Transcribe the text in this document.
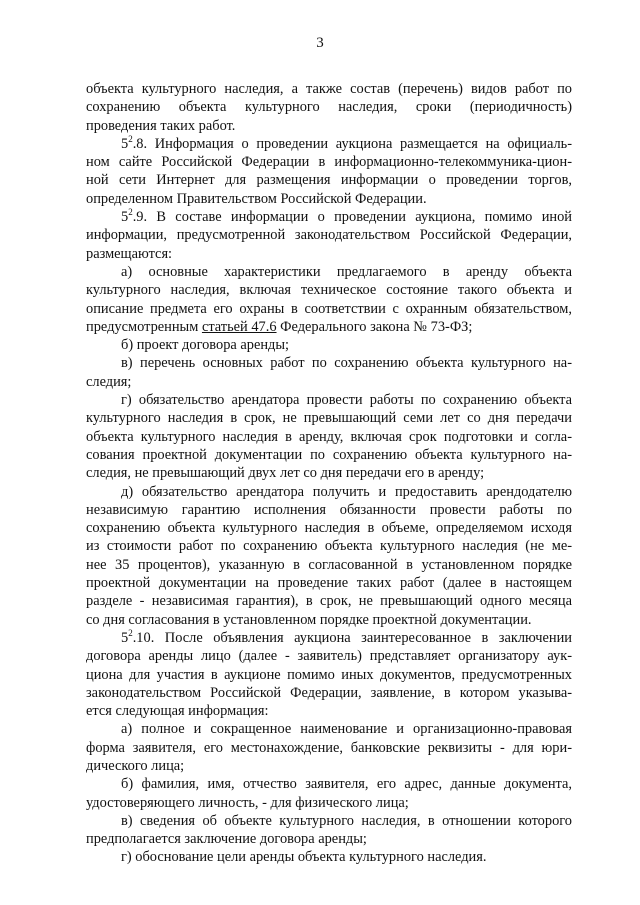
3
объекта культурного наследия, а также состав (перечень) видов работ по
сохранению объекта культурного наследия, сроки (периодичность)
проведения таких работ.
$5^2.8$. Информация о проведении аукциона размещается на официаль-
ном сайте Российской Федерации в информационно-телекоммуника-цион-
ной сети Интернет для размещения информации о проведении торгов,
определенном Правительством Российской Федерации.
$5^2.9$. В составе информации о проведении аукциона, помимо иной
информации, предусмотренной законодательством Российской Федерации,
размещаются:
а) основные характеристики предлагаемого в аренду объекта
культурного наследия, включая техническое состояние такого объекта и
описание предмета его охраны в соответствии с охранным обязательством,
предусмотренным статьей 47.6 Федерального закона № 73-ФЗ;
б) проект договора аренды;
в) перечень основных работ по сохранению объекта культурного на-
следия;
г) обязательство арендатора провести работы по сохранению объекта
культурного наследия в срок, не превышающий семи лет со дня передачи
объекта культурного наследия в аренду, включая срок подготовки и согла-
сования проектной документации по сохранению объекта культурного на-
следия, не превышающий двух лет со дня передачи его в аренду;
д) обязательство арендатора получить и предоставить арендодателю
независимую гарантию исполнения обязанности провести работы по
сохранению объекта культурного наследия в объеме, определяемом исходя
из стоимости работ по сохранению объекта культурного наследия (не ме-
нее 35 процентов), указанную в согласованной в установленном порядке
проектной документации на проведение таких работ (далее в настоящем
разделе - независимая гарантия), в срок, не превышающий одного месяца
со дня согласования в установленном порядке проектной документации.
$5^2.10$. После объявления аукциона заинтересованное в заключении
договора аренды лицо (далее - заявитель) представляет организатору аук-
циона для участия в аукционе помимо иных документов, предусмотренных
законодательством Российской Федерации, заявление, в котором указыва-
ется следующая информация:
а) полное и сокращенное наименование и организационно-правовая
форма заявителя, его местонахождение, банковские реквизиты - для юри-
дического лица;
б) фамилия, имя, отчество заявителя, его адрес, данные документа,
удостоверяющего личность, - для физического лица;
в) сведения об объекте культурного наследия, в отношении которого
предполагается заключение договора аренды;
г) обоснование цели аренды объекта культурного наследия.
